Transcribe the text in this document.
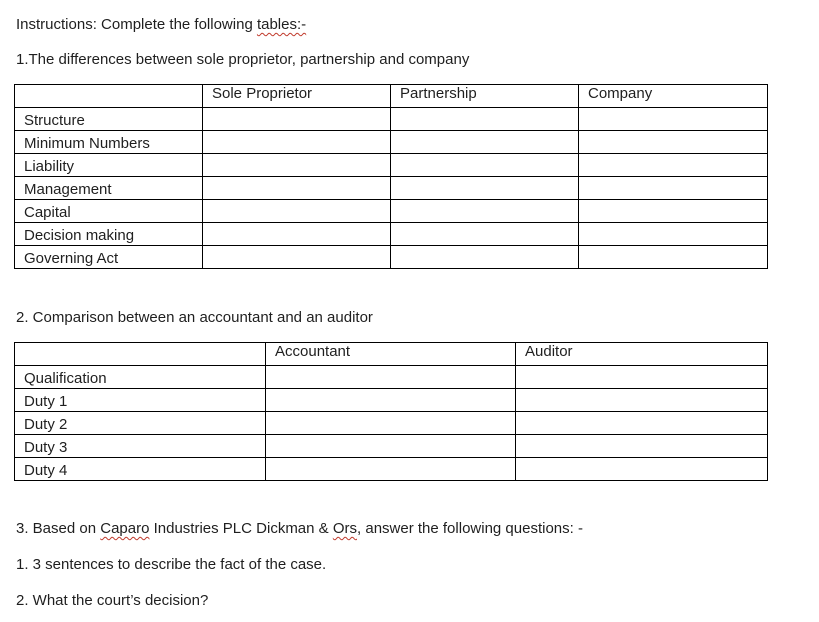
Instructions: Complete the following tables:-
1.The differences between sole proprietor, partnership and company
	Sole Proprietor	Partnership	Company
Structure			
Minimum Numbers			
Liability			
Management			
Capital			
Decision making			
Governing Act			
2. Comparison between an accountant and an auditor
	Accountant	Auditor
Qualification		
Duty 1		
Duty 2		
Duty 3		
Duty 4		
3. Based on Caparo Industries PLC Dickman & Ors, answer the following questions: -
1. 3 sentences to describe the fact of the case.
2. What the court’s decision?
